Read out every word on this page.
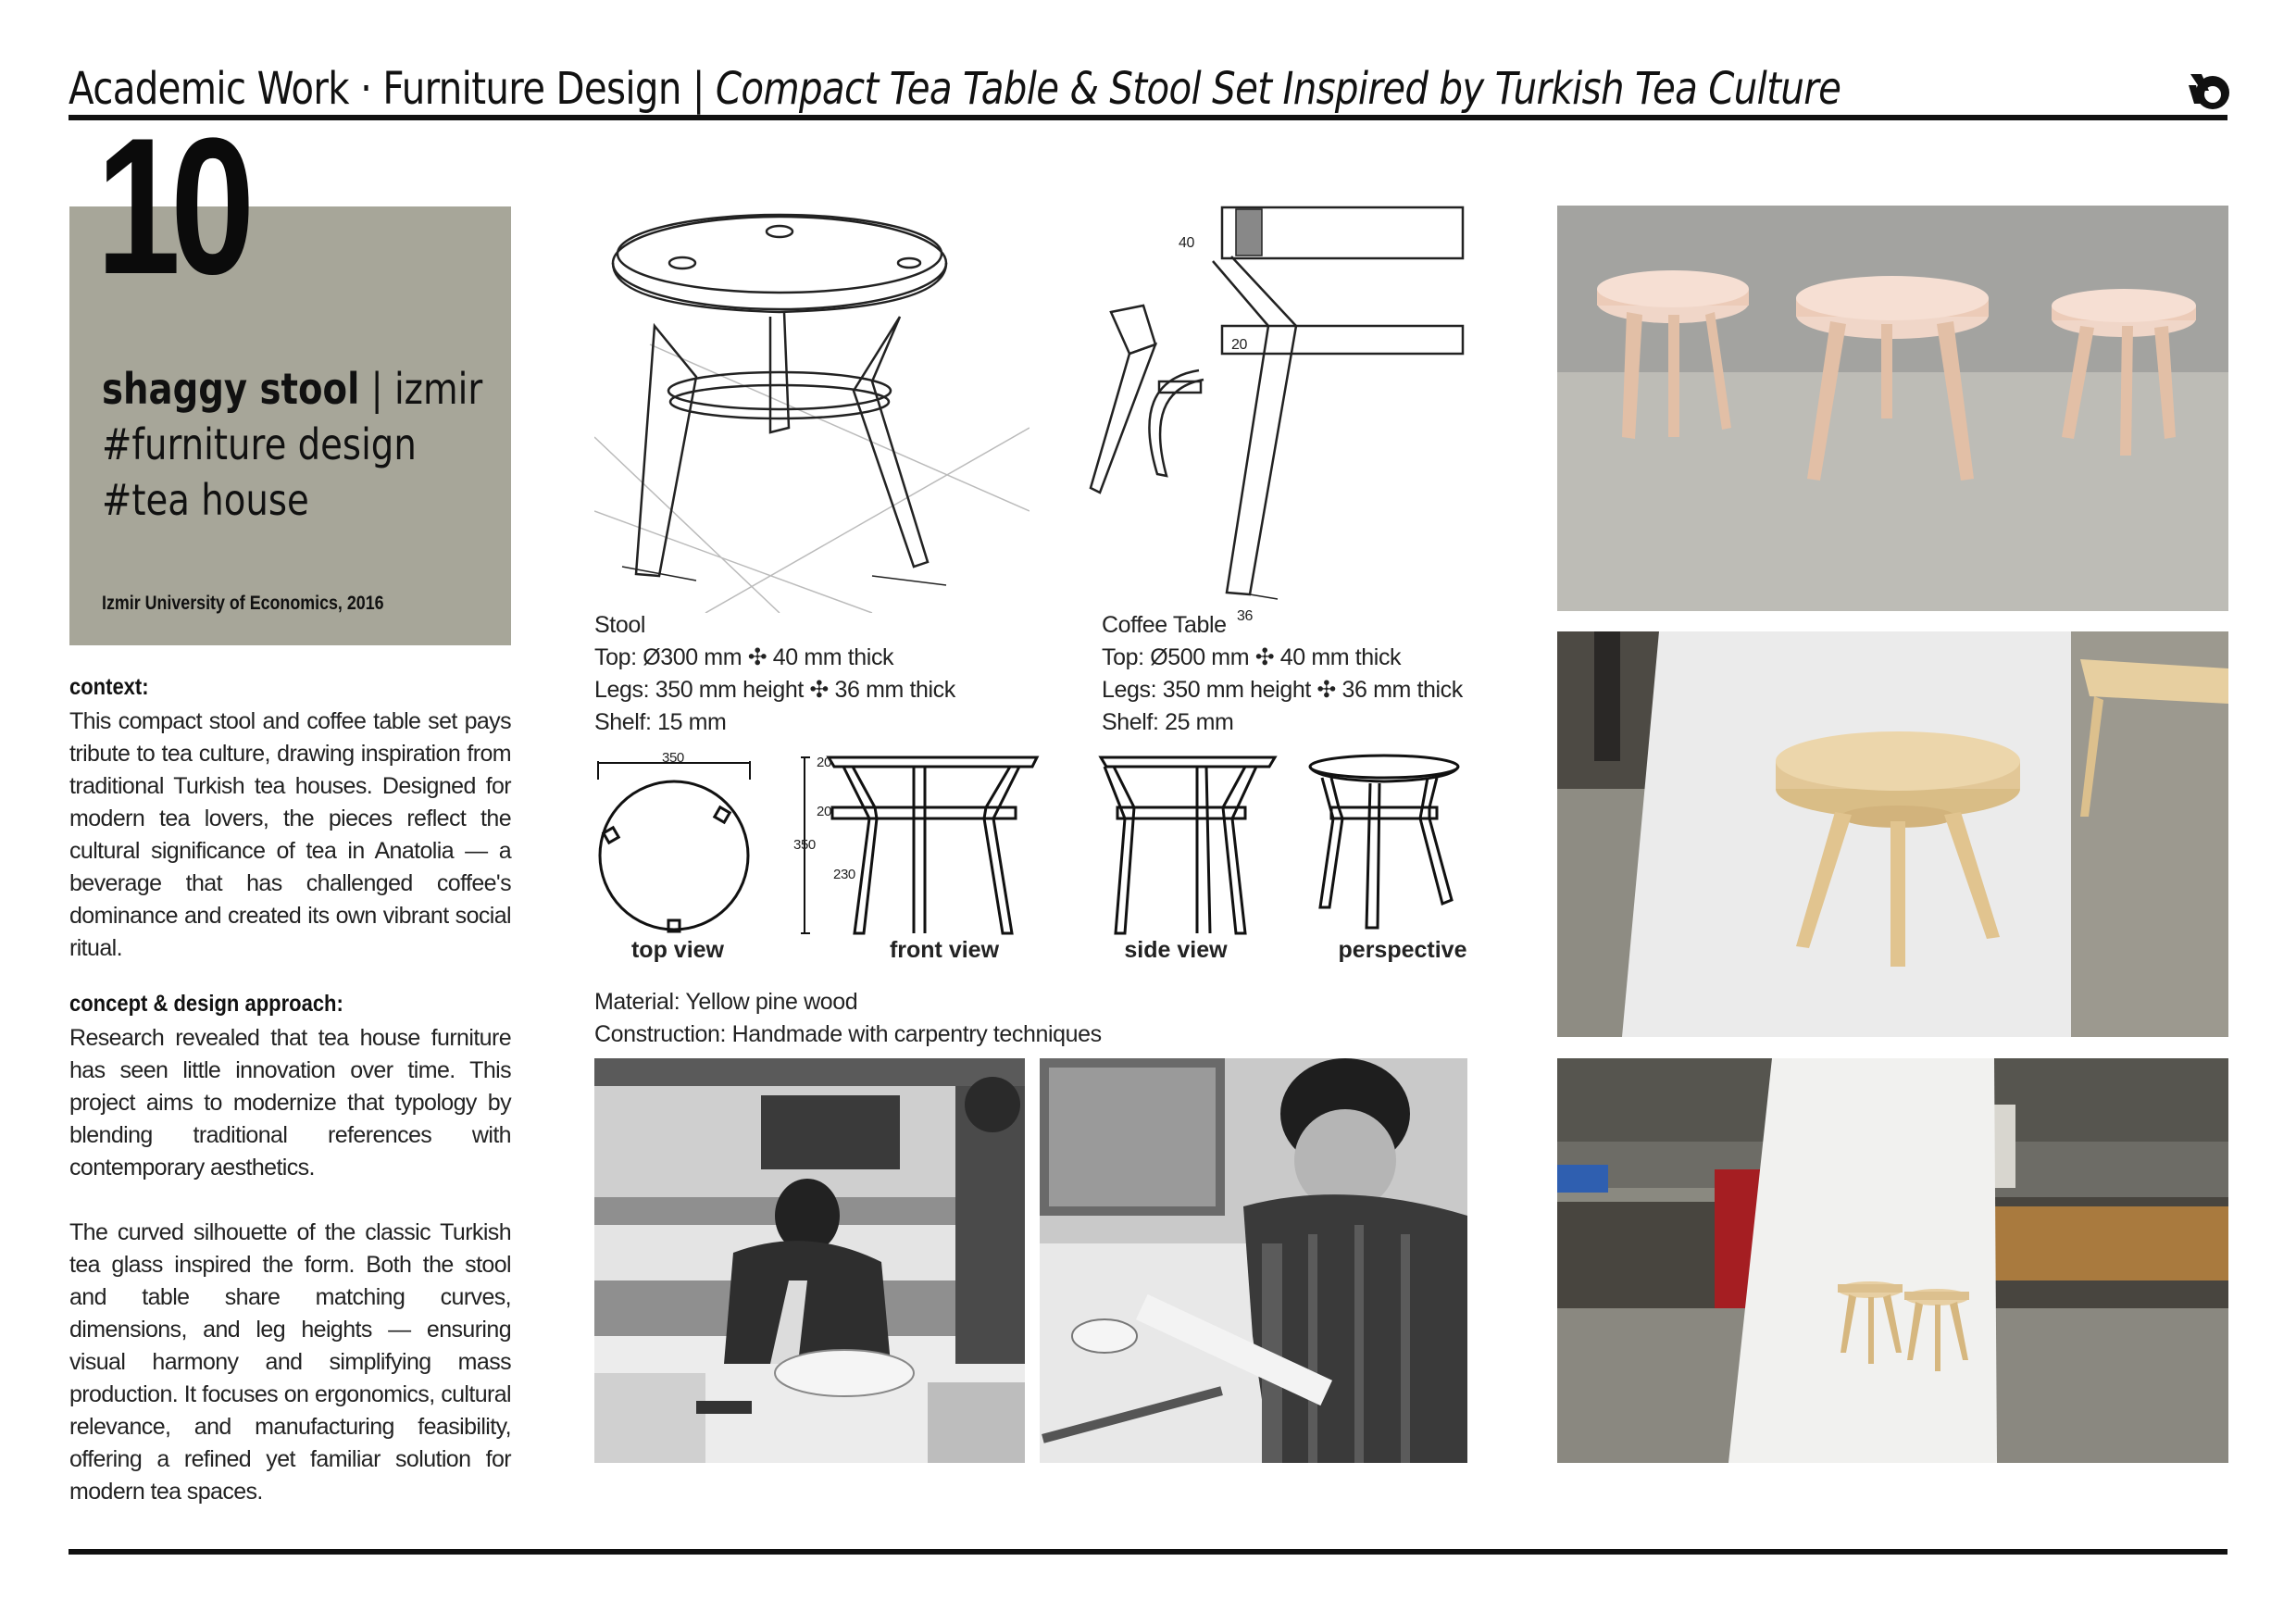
Academic Work · Furniture Design | Compact Tea Table & Stool Set Inspired by Turkish Tea Culture
10
shaggy stool | izmir
#furniture design
#tea house
Izmir University of Economics, 2016
context:
This compact stool and coffee table set pays tribute to tea culture, drawing inspiration from traditional Turkish tea houses. Designed for modern tea lovers, the pieces reflect the cultural significance of tea in Anatolia — a beverage that has challenged coffee's dominance and created its own vibrant social ritual.
concept & design approach:
Research revealed that tea house furniture has seen little innovation over time. This project aims to modernize that typology by blending traditional references with contemporary aesthetics.
The curved silhouette of the classic Turkish tea glass inspired the form. Both the stool and table share matching curves, dimensions, and leg heights — ensuring visual harmony and simplifying mass production. It focuses on ergonomics, cultural relevance, and manufacturing feasibility, offering a refined yet familiar solution for modern tea spaces.
40
20
36
Stool
Top: Ø300 mm ✣ 40 mm thick
Legs: 350 mm height ✣ 36 mm thick
Shelf: 15 mm
Coffee Table
Top: Ø500 mm ✣ 40 mm thick
Legs: 350 mm height ✣ 36 mm thick
Shelf: 25 mm
350	20
20
350
230
top view	front view	side view	perspective
Material: Yellow pine wood
Construction: Handmade with carpentry techniques
